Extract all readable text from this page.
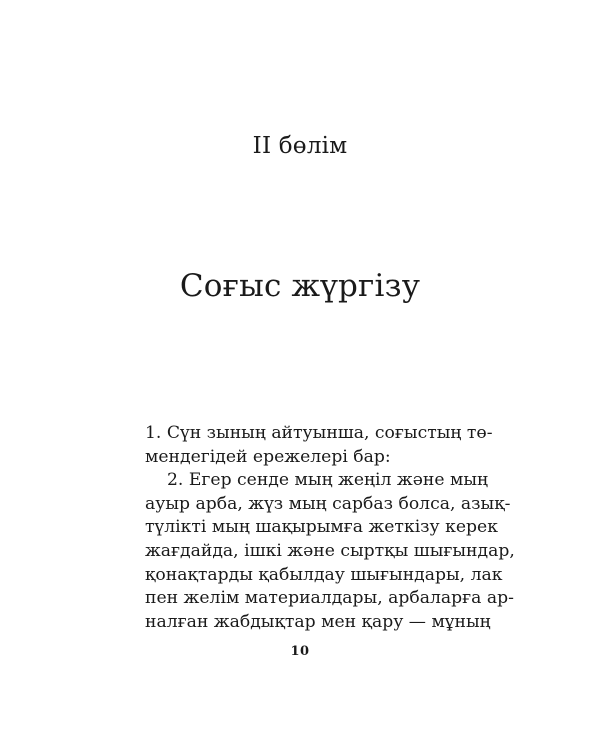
II бөлім
Соғыс жүргізу
1. Сүн зының айтуынша, соғыстың тө-
мендегідей ережелері бар:
2. Егер сенде мың жеңіл және мың
ауыр арба, жүз мың сарбаз болса, азық-
түлікті мың шақырымға жеткізу керек
жағдайда, ішкі және сыртқы шығындар,
қонақтарды қабылдау шығындары, лак
пен желім материалдары, арбаларға ар-
налған жабдықтар мен қару — мұның
10
